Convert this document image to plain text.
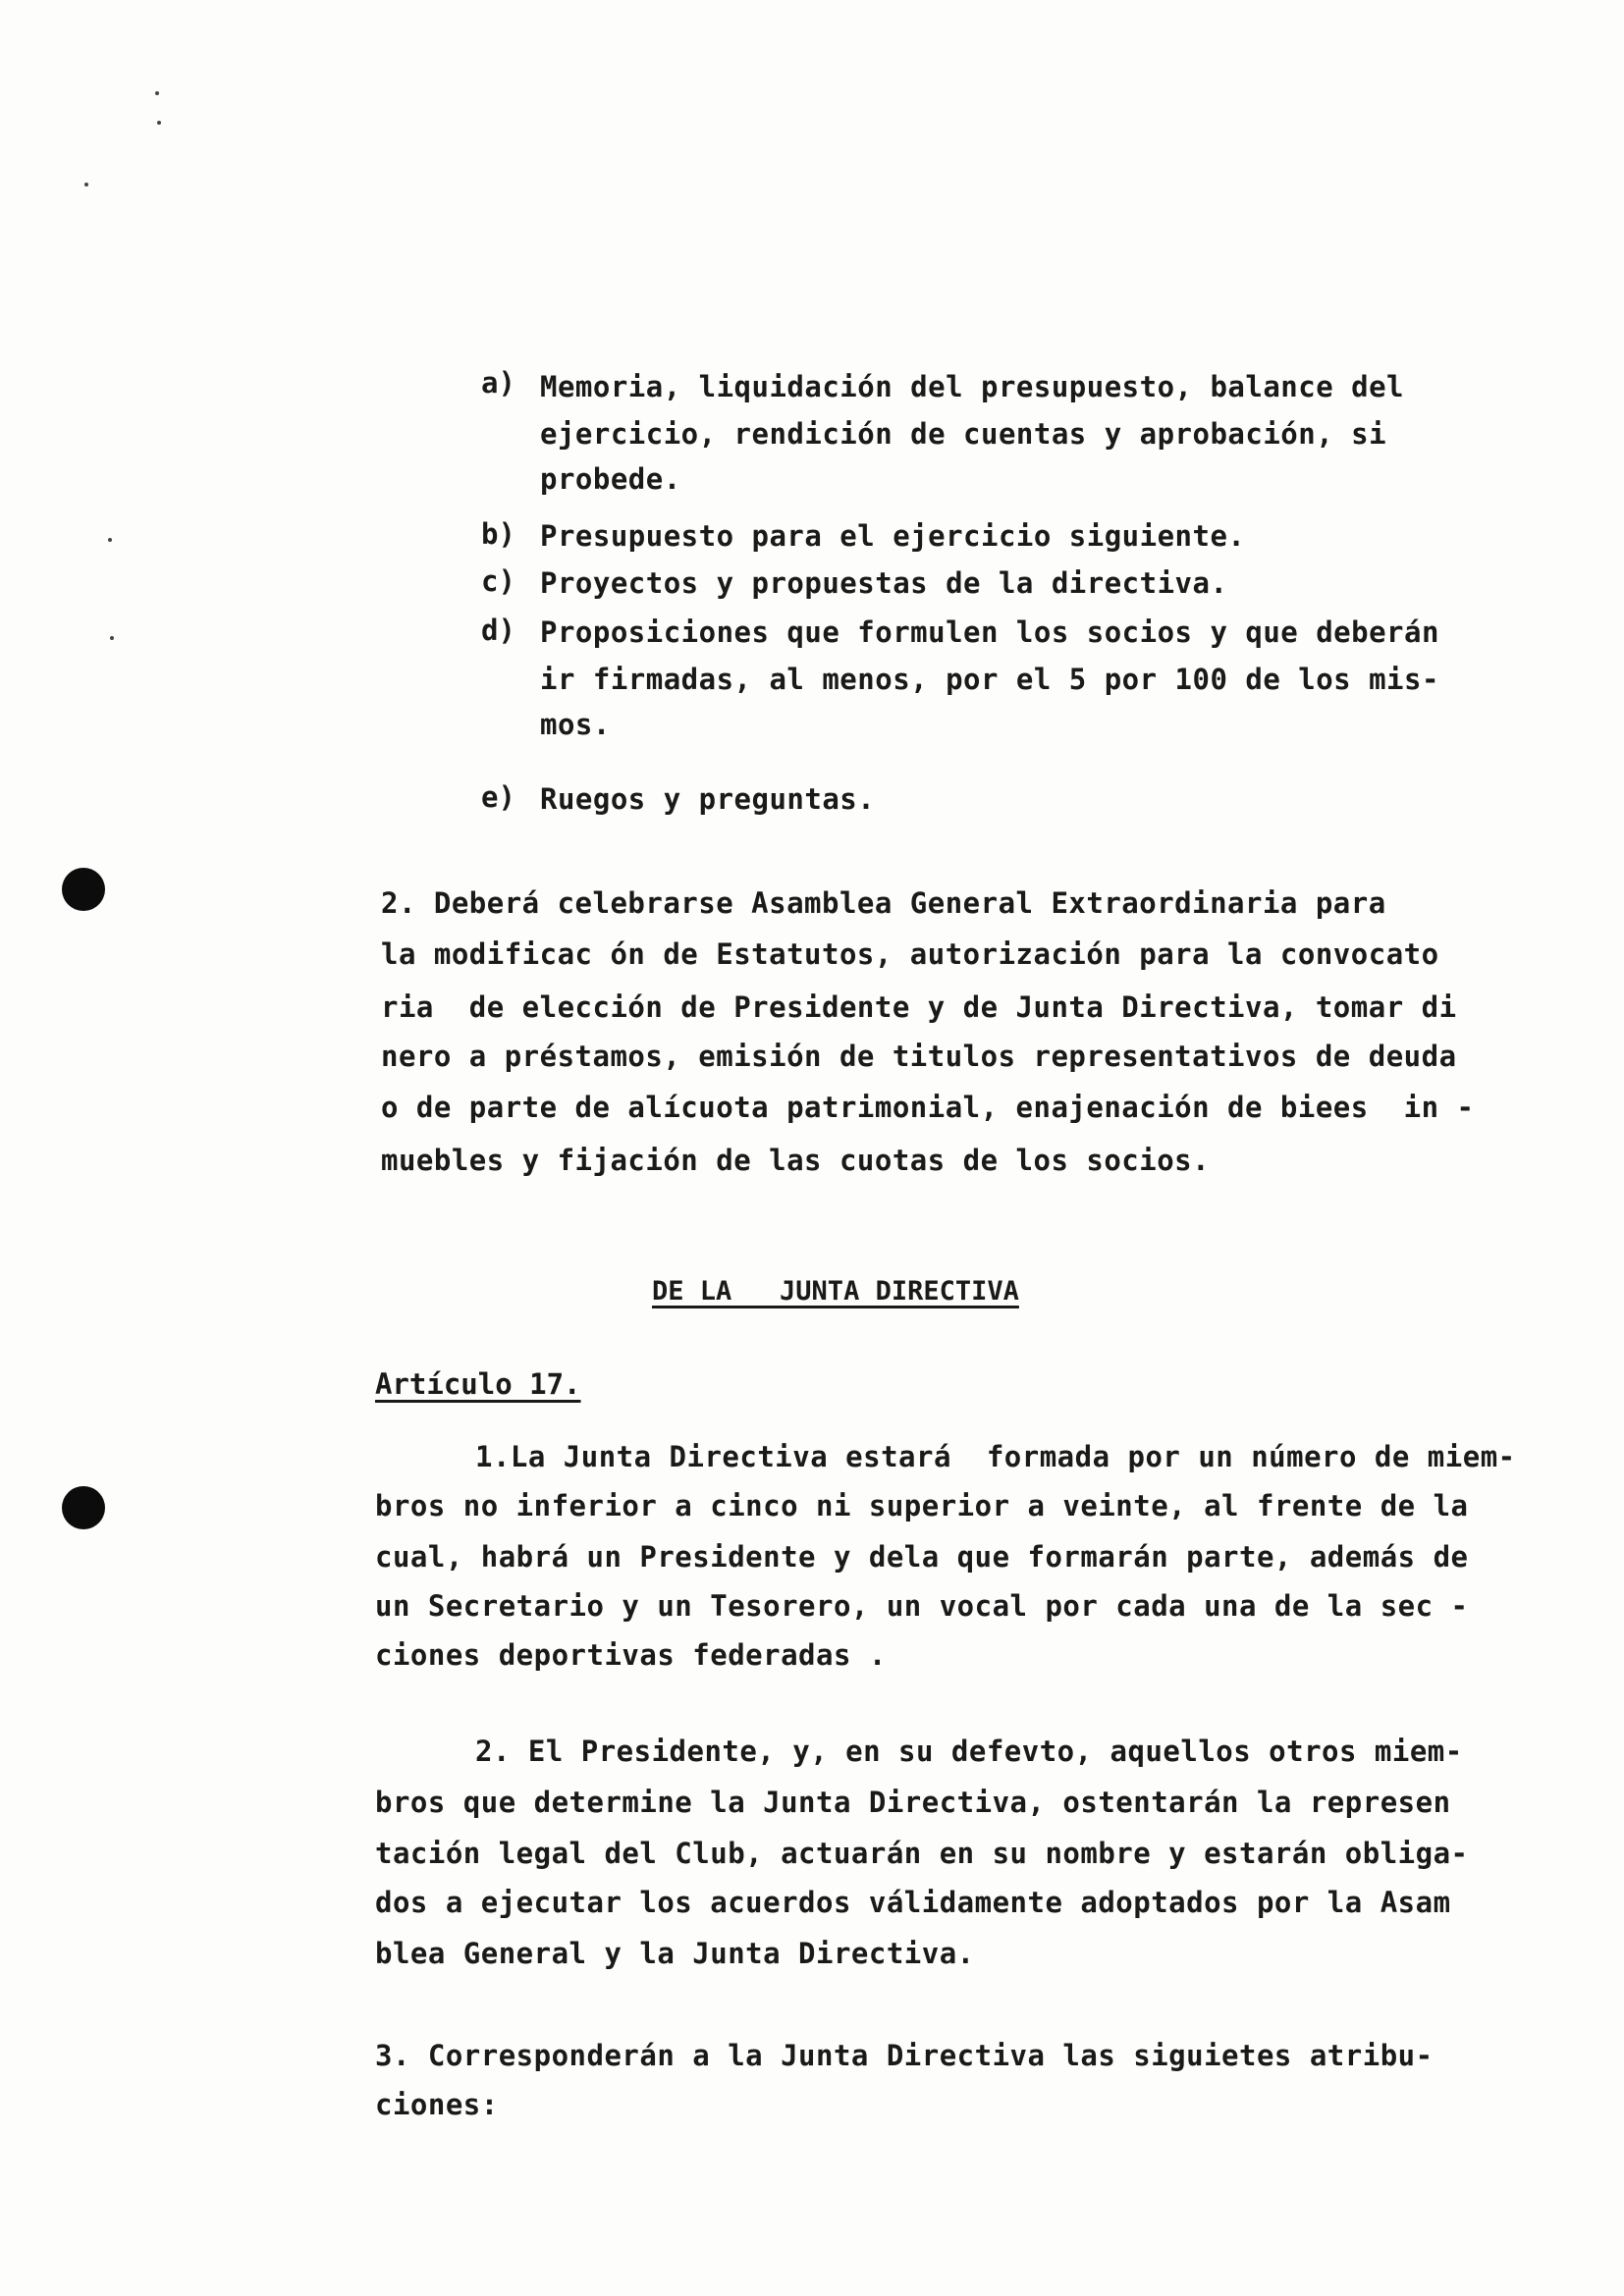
a) Memoria, liquidación del presupuesto, balance del
ejercicio, rendición de cuentas y aprobación, si
probede.
b) Presupuesto para el ejercicio siguiente.
c) Proyectos y propuestas de la directiva.
d) Proposiciones que formulen los socios y que deberán
ir firmadas, al menos, por el 5 por 100 de los mis-
mos.
e) Ruegos y preguntas.
2. Deberá celebrarse Asamblea General Extraordinaria para
la modificac ón de Estatutos, autorización para la convocato
ria  de elección de Presidente y de Junta Directiva, tomar di
nero a préstamos, emisión de titulos representativos de deuda
o de parte de alícuota patrimonial, enajenación de biees  in -
muebles y fijación de las cuotas de los socios.
DE LA   JUNTA DIRECTIVA
Artículo 17.
1.La Junta Directiva estará  formada por un número de miem-
bros no inferior a cinco ni superior a veinte, al frente de la
cual, habrá un Presidente y dela que formarán parte, además de
un Secretario y un Tesorero, un vocal por cada una de la sec -
ciones deportivas federadas .
2. El Presidente, y, en su defevto, aquellos otros miem-
bros que determine la Junta Directiva, ostentarán la represen
tación legal del Club, actuarán en su nombre y estarán obliga-
dos a ejecutar los acuerdos válidamente adoptados por la Asam
blea General y la Junta Directiva.
3. Corresponderán a la Junta Directiva las siguietes atribu-
ciones:
